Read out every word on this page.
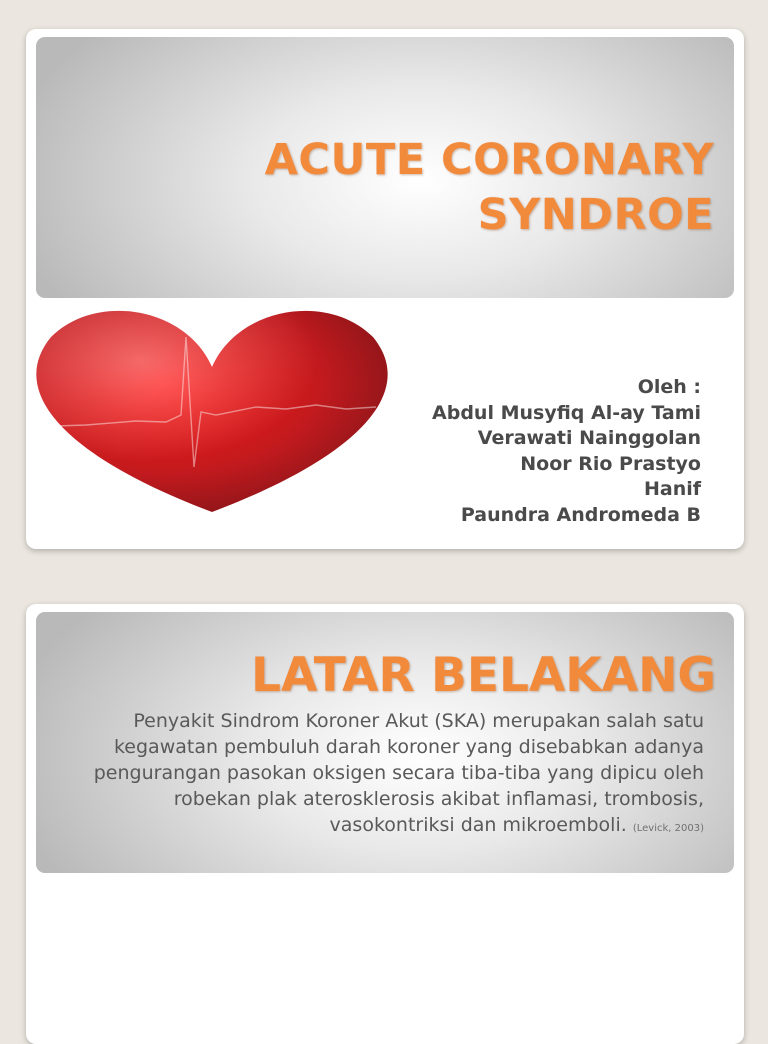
ACUTE CORONARY
SYNDROE
Oleh :
Abdul Musyfiq Al-ay Tami
Verawati Nainggolan
Noor Rio Prastyo
Hanif
Paundra Andromeda B
LATAR BELAKANG
Penyakit Sindrom Koroner Akut (SKA) merupakan salah satu kegawatan pembuluh darah koroner yang disebabkan adanya pengurangan pasokan oksigen secara tiba-tiba yang dipicu oleh robekan plak aterosklerosis akibat inflamasi, trombosis, vasokontriksi dan mikroemboli. (Levick, 2003)
